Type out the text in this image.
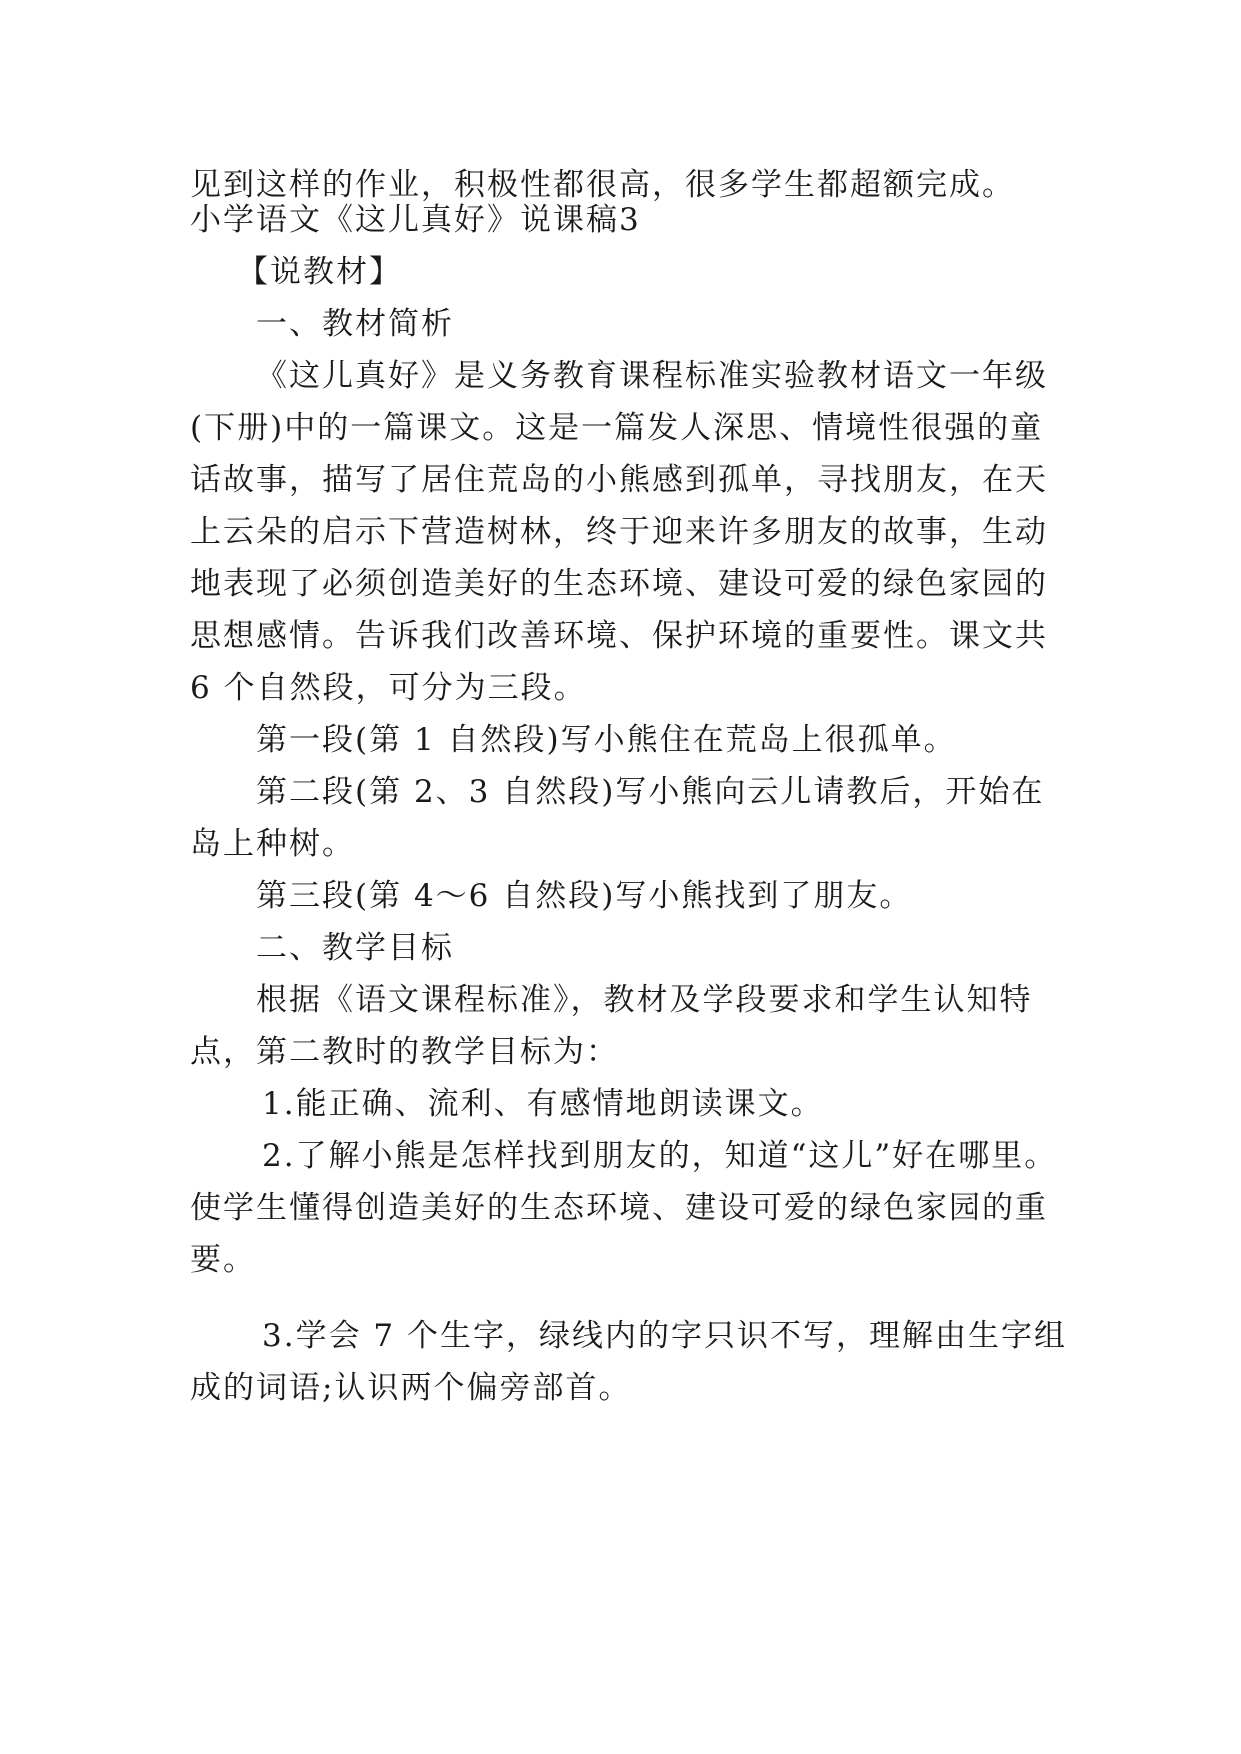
见到这样的作业，积极性都很高，很多学生都超额完成。
小学语文《这儿真好》说课稿3
【说教材】
一、教材简析
《这儿真好》是义务教育课程标准实验教材语文一年级
(下册)中的一篇课文。这是一篇发人深思、情境性很强的童
话故事，描写了居住荒岛的小熊感到孤单，寻找朋友，在天
上云朵的启示下营造树林，终于迎来许多朋友的故事，生动
地表现了必须创造美好的生态环境、建设可爱的绿色家园的
思想感情。告诉我们改善环境、保护环境的重要性。课文共
6 个自然段，可分为三段。
第一段(第 1 自然段)写小熊住在荒岛上很孤单。
第二段(第 2、3 自然段)写小熊向云儿请教后，开始在
岛上种树。
第三段(第 4～6 自然段)写小熊找到了朋友。
二、教学目标
根据《语文课程标准》，教材及学段要求和学生认知特
点，第二教时的教学目标为：
1.能正确、流利、有感情地朗读课文。
2.了解小熊是怎样找到朋友的，知道“这儿”好在哪里。
使学生懂得创造美好的生态环境、建设可爱的绿色家园的重
要。
3.学会 7 个生字，绿线内的字只识不写，理解由生字组
成的词语;认识两个偏旁部首。
